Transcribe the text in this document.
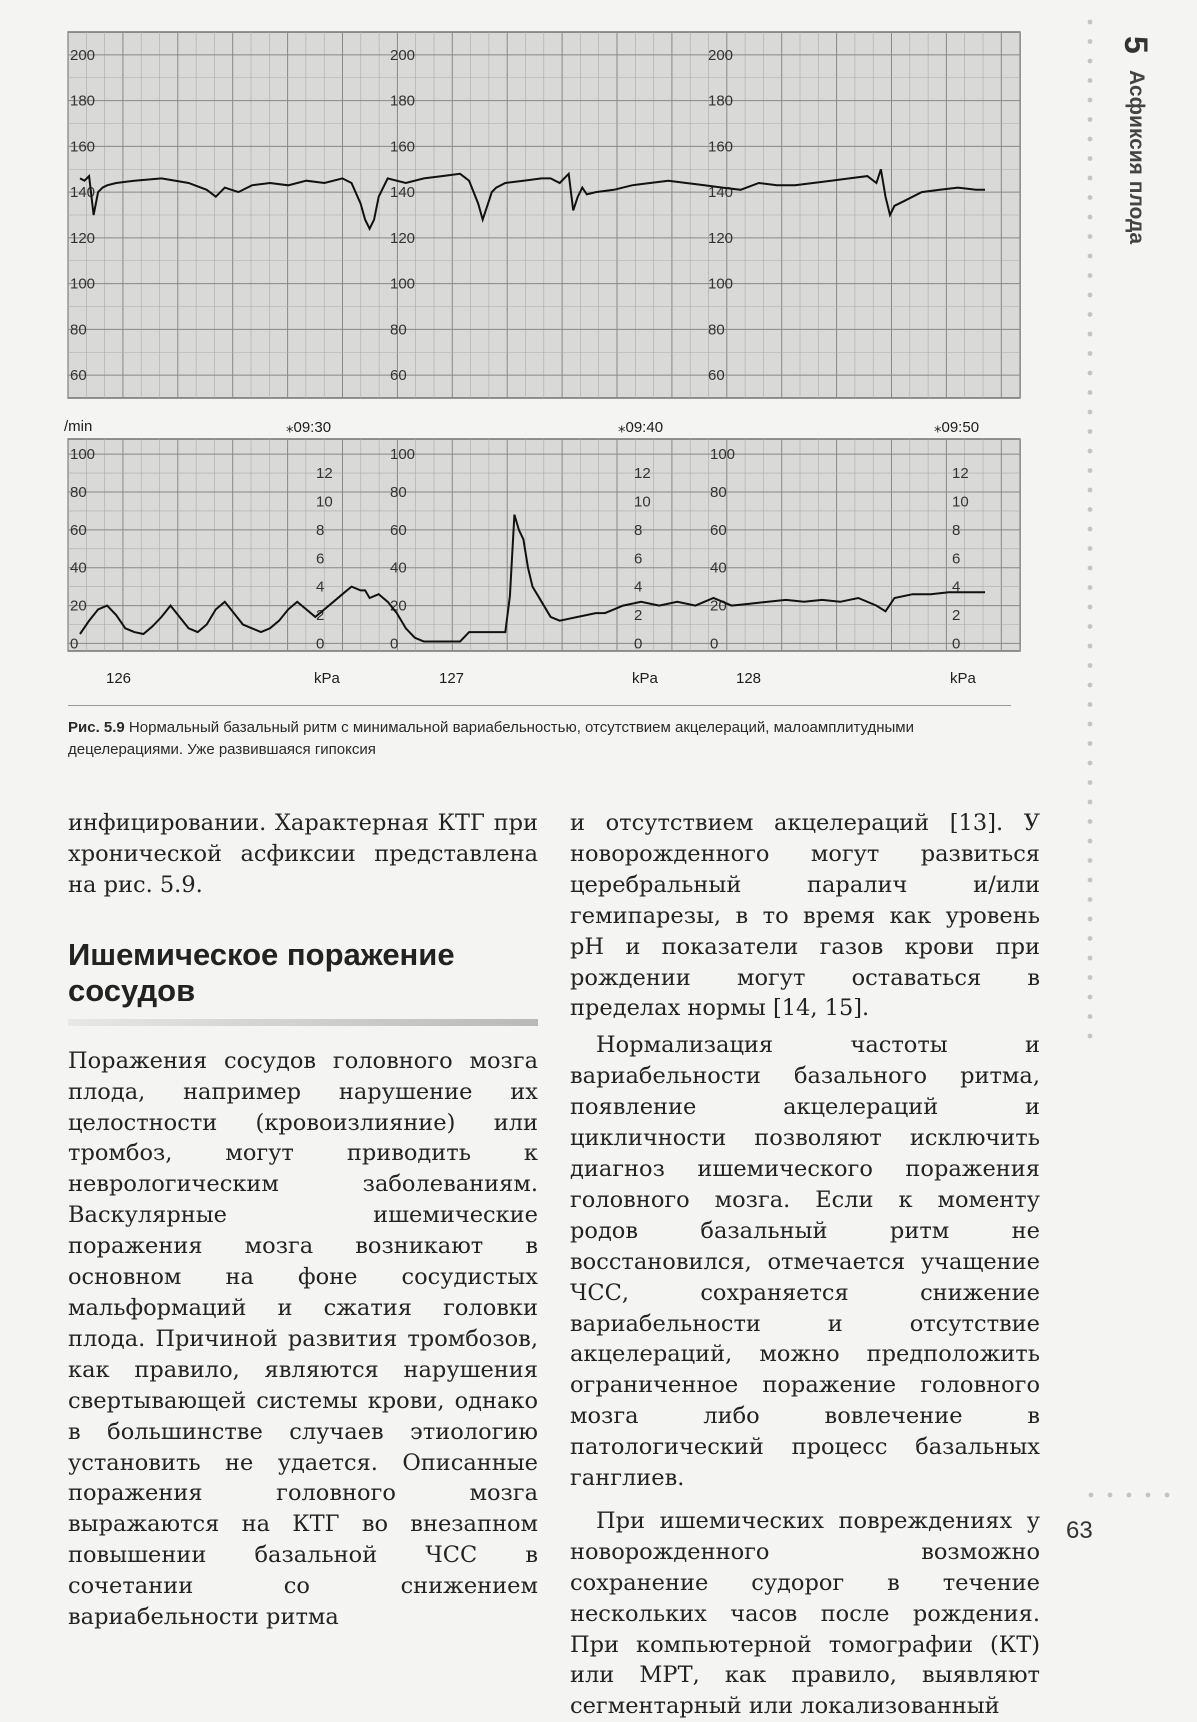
200	200	200
180	180	180
160	160	160
140	140	140
120	120	120
100	100	100
80	80	80
60	60	60
/min	⁎09:30	⁎09:40	⁎09:50
100	100	100
80	80	80
60	60	60
40	40	40
20	20	20
0	0	0
12	12	12
10	10	10
8	8	8
6	6	6
4	4	4
2	2	2
0	0	0
126	kPa	127	kPa	128	kPa
Рис. 5.9 Нормальный базальный ритм с минимальной вариабельностью, отсутствием акцелераций, малоамплитудными децелерациями. Уже развившаяся гипоксия

инфицировании. Характерная КТГ при хронической асфиксии представлена на рис. 5.9.

Ишемическое поражение сосудов

Поражения сосудов головного мозга плода, например нарушение их целостности (кровоизлияние) или тромбоз, могут приводить к неврологическим заболеваниям. Васкулярные ишемические поражения мозга возникают в основном на фоне сосудистых мальформаций и сжатия головки плода. Причиной развития тромбозов, как правило, являются нарушения свертывающей системы крови, однако в большинстве случаев этиологию установить не удается. Описанные поражения головного мозга выражаются на КТГ во внезапном повышении базальной ЧСС в сочетании со снижением вариабельности ритма

и отсутствием акцелераций [13]. У новорожденного могут развиться церебральный паралич и/или гемипарезы, в то время как уровень pH и показатели газов крови при рождении могут оставаться в пределах нормы [14, 15].

Нормализация частоты и вариабельности базального ритма, появление акцелераций и цикличности позволяют исключить диагноз ишемического поражения головного мозга. Если к моменту родов базальный ритм не восстановился, отмечается учащение ЧСС, сохраняется снижение вариабельности и отсутствие акцелераций, можно предположить ограниченное поражение головного мозга либо вовлечение в патологический процесс базальных ганглиев.

При ишемических повреждениях у новорожденного возможно сохранение судорог в течение нескольких часов после рождения. При компьютерной томографии (КТ) или МРТ, как правило, выявляют сегментарный или локализованный

5
Асфиксия плода
63
